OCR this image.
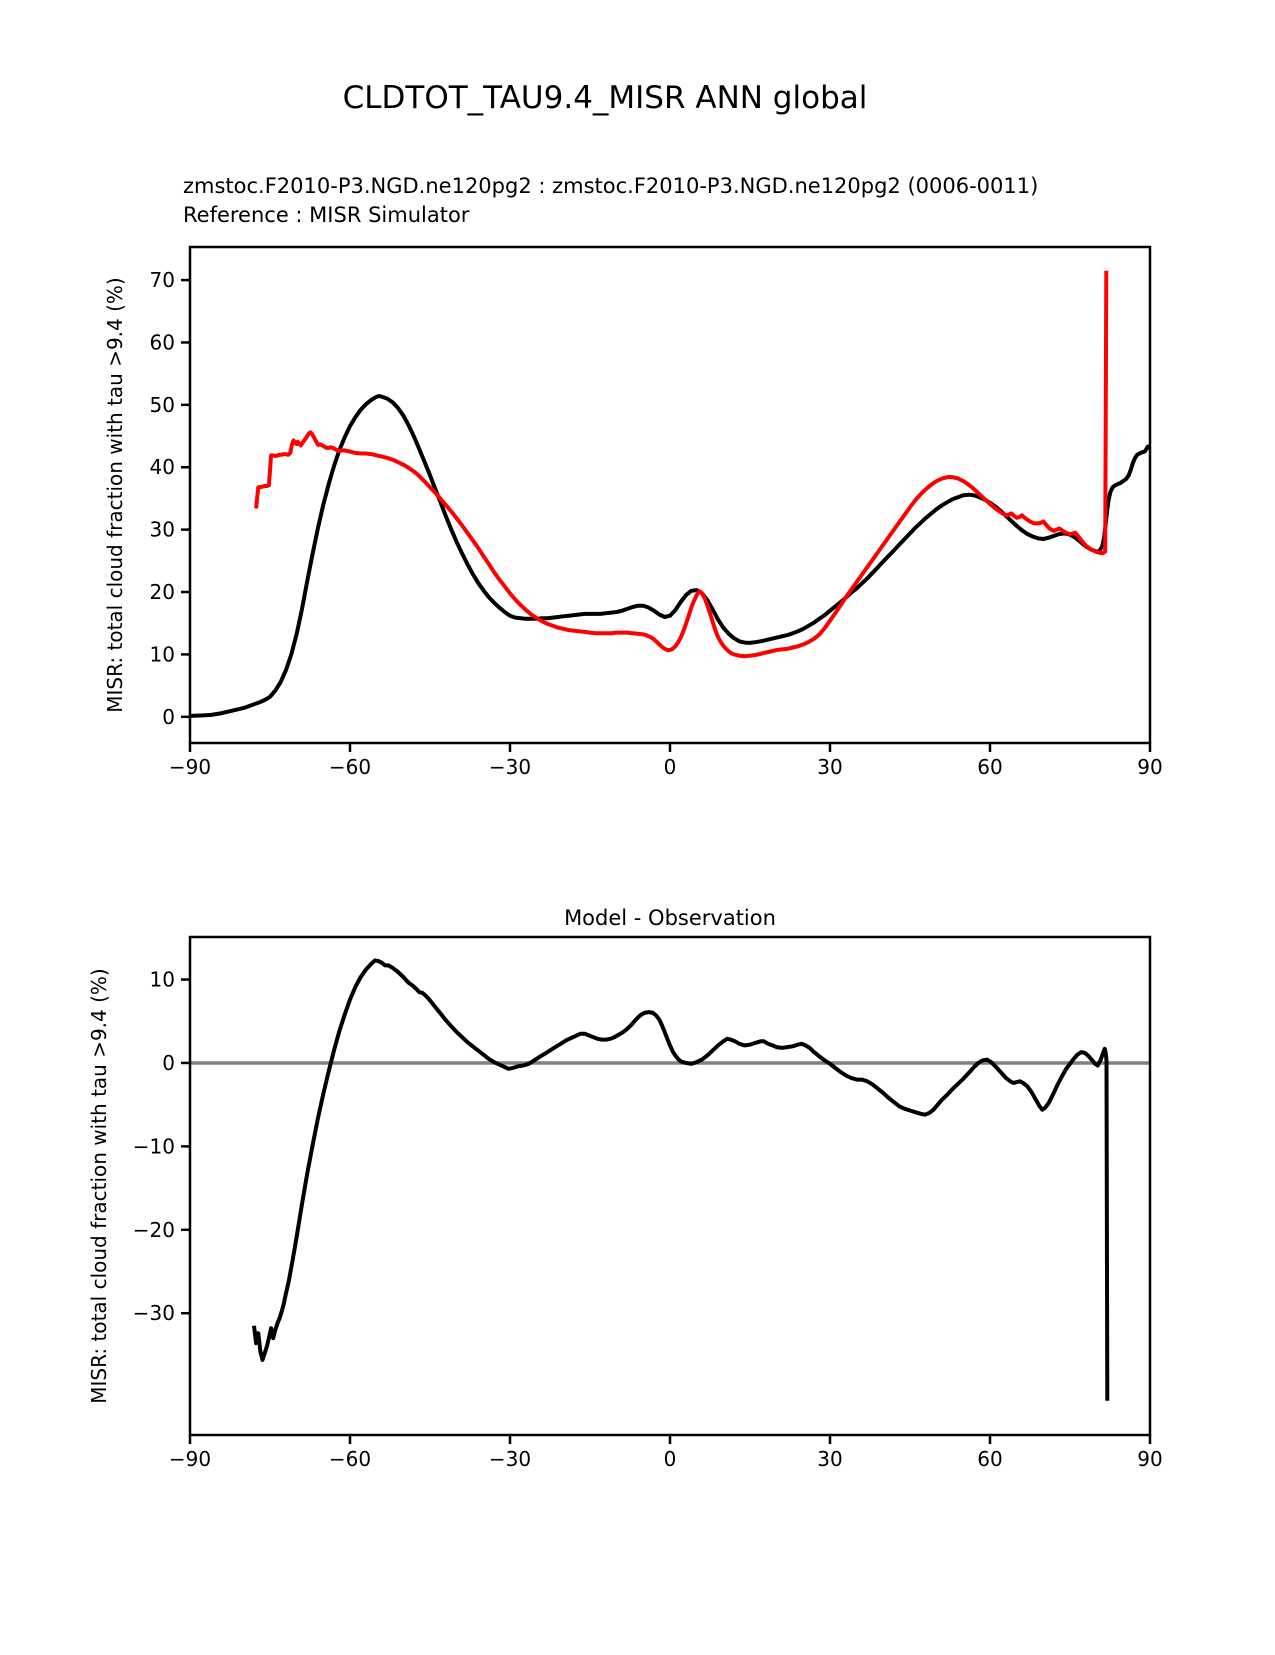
CLDTOT_TAU9.4_MISR ANN global
zmstoc.F2010-P3.NGD.ne120pg2 : zmstoc.F2010-P3.NGD.ne120pg2 (0006-0011)
Reference : MISR Simulator
MISR: total cloud fraction with tau >9.4 (%)
Model - Observation
MISR: total cloud fraction with tau >9.4 (%)
−90	−60	−30	0	30	60	90
0
10
20
30
40
50
60
70
−90	−60	−30	0	30	60	90
10
0
−10
−20
−30
